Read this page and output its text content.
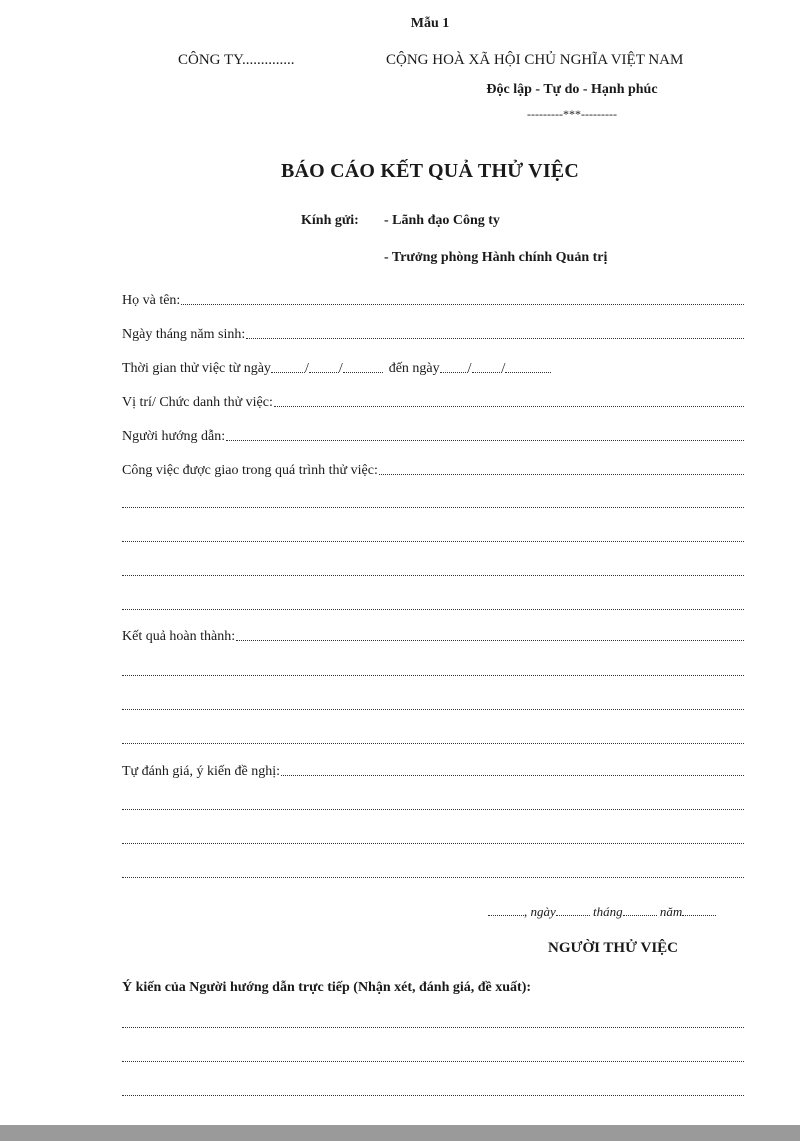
Mẫu 1
CÔNG TY..............	CỘNG HOÀ XÃ HỘI CHỦ NGHĨA VIỆT NAM
Độc lập - Tự do - Hạnh phúc
---------***---------
BÁO CÁO KẾT QUẢ THỬ VIỆC
Kính gửi: - Lãnh đạo Công ty
- Trưởng phòng Hành chính Quản trị
Họ và tên:
Ngày tháng năm sinh:
Thời gian thử việc từ ngày / /	đến ngày / /
Vị trí/ Chức danh thử việc:
Người hướng dẫn:
Công việc được giao trong quá trình thử việc:
Kết quả hoàn thành:
Tự đánh giá, ý kiến đề nghị:
, ngày	tháng	năm
NGƯỜI THỬ VIỆC
Ý kiến của Người hướng dẫn trực tiếp (Nhận xét, đánh giá, đề xuất):
